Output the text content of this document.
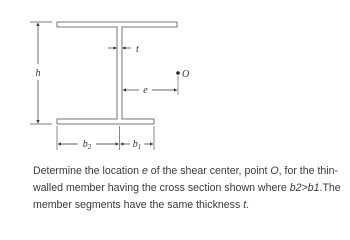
h
t
O
e
$b_2$	$b_1$

Determine the location e of the shear center, point O, for the thin-walled member having the cross section shown where b2>b1.The member segments have the same thickness t.
